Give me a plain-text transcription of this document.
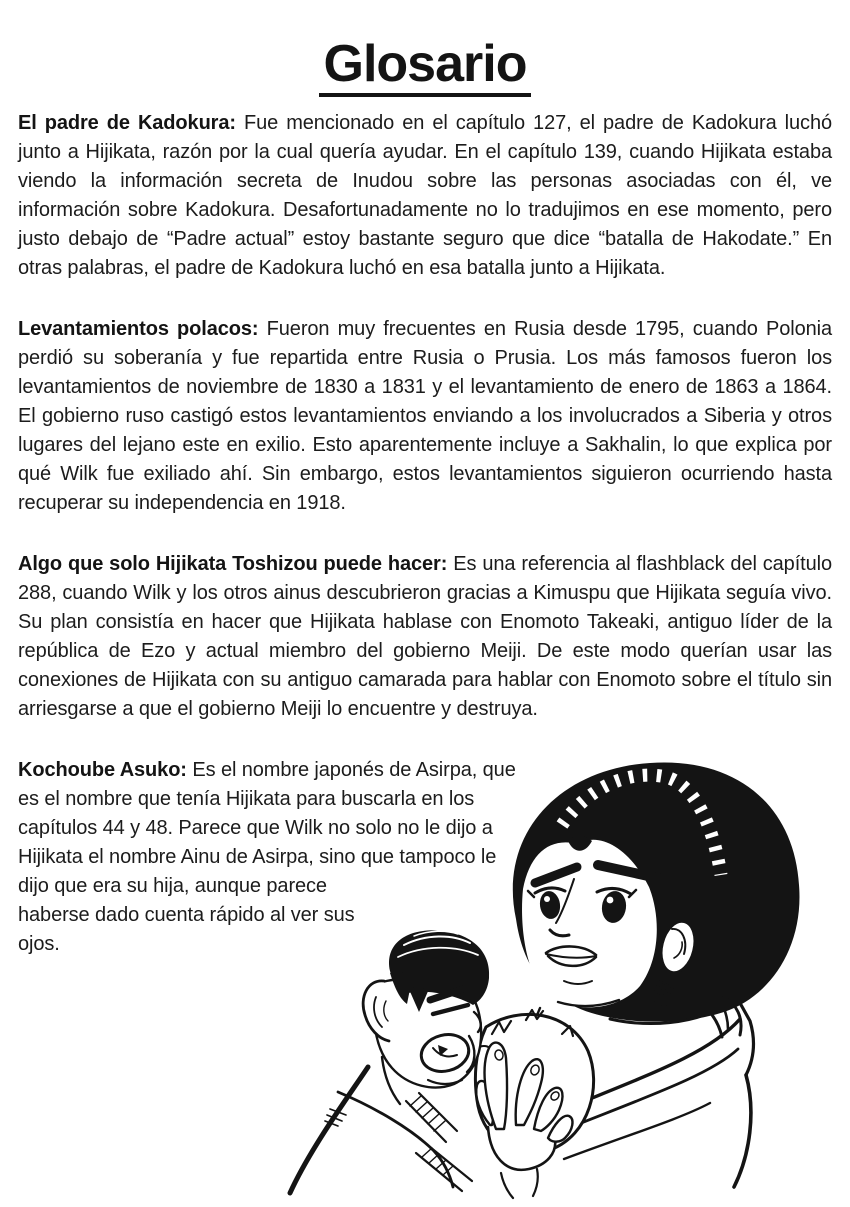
Glosario

El padre de Kadokura: Fue mencionado en el capítulo 127, el padre de Kadokura luchó junto a Hijikata, razón por la cual quería ayudar. En el capítulo 139, cuando Hijikata estaba viendo la información secreta de Inudou sobre las personas asociadas con él, ve información sobre Kadokura. Desafortunadamente no lo tradujimos en ese momento, pero justo debajo de “Padre actual” estoy bastante seguro que dice “batalla de Hakodate.” En otras palabras, el padre de Kadokura luchó en esa batalla junto a Hijikata.

Levantamientos polacos: Fueron muy frecuentes en Rusia desde 1795, cuando Polonia perdió su soberanía y fue repartida entre Rusia o Prusia. Los más famosos fueron los levantamientos de noviembre de 1830 a 1831 y el levantamiento de enero de 1863 a 1864. El gobierno ruso castigó estos levantamientos enviando a los involucrados a Siberia y otros lugares del lejano este en exilio. Esto aparentemente incluye a Sakhalin, lo que explica por qué Wilk fue exiliado ahí. Sin embargo, estos levantamientos siguieron ocurriendo hasta recuperar su independencia en 1918.

Algo que solo Hijikata Toshizou puede hacer: Es una referencia al flashblack del capítulo 288, cuando Wilk y los otros ainus descubrieron gracias a Kimuspu que Hijikata seguía vivo. Su plan consistía en hacer que Hijikata hablase con Enomoto Takeaki, antiguo líder de la república de Ezo y actual miembro del gobierno Meiji. De este modo querían usar las conexiones de Hijikata con su antiguo camarada para hablar con Enomoto sobre el título sin arriesgarse a que el gobierno Meiji lo encuentre y destruya.

Kochoube Asuko: Es el nombre japonés de Asirpa, que es el nombre que tenía Hijikata para buscarla en los capítulos 44 y 48. Parece que Wilk no solo no le dijo a Hijikata el nombre Ainu de Asirpa, sino que tampoco le dijo que era su hija, aunque parece haberse dado cuenta rápido al ver sus ojos.
